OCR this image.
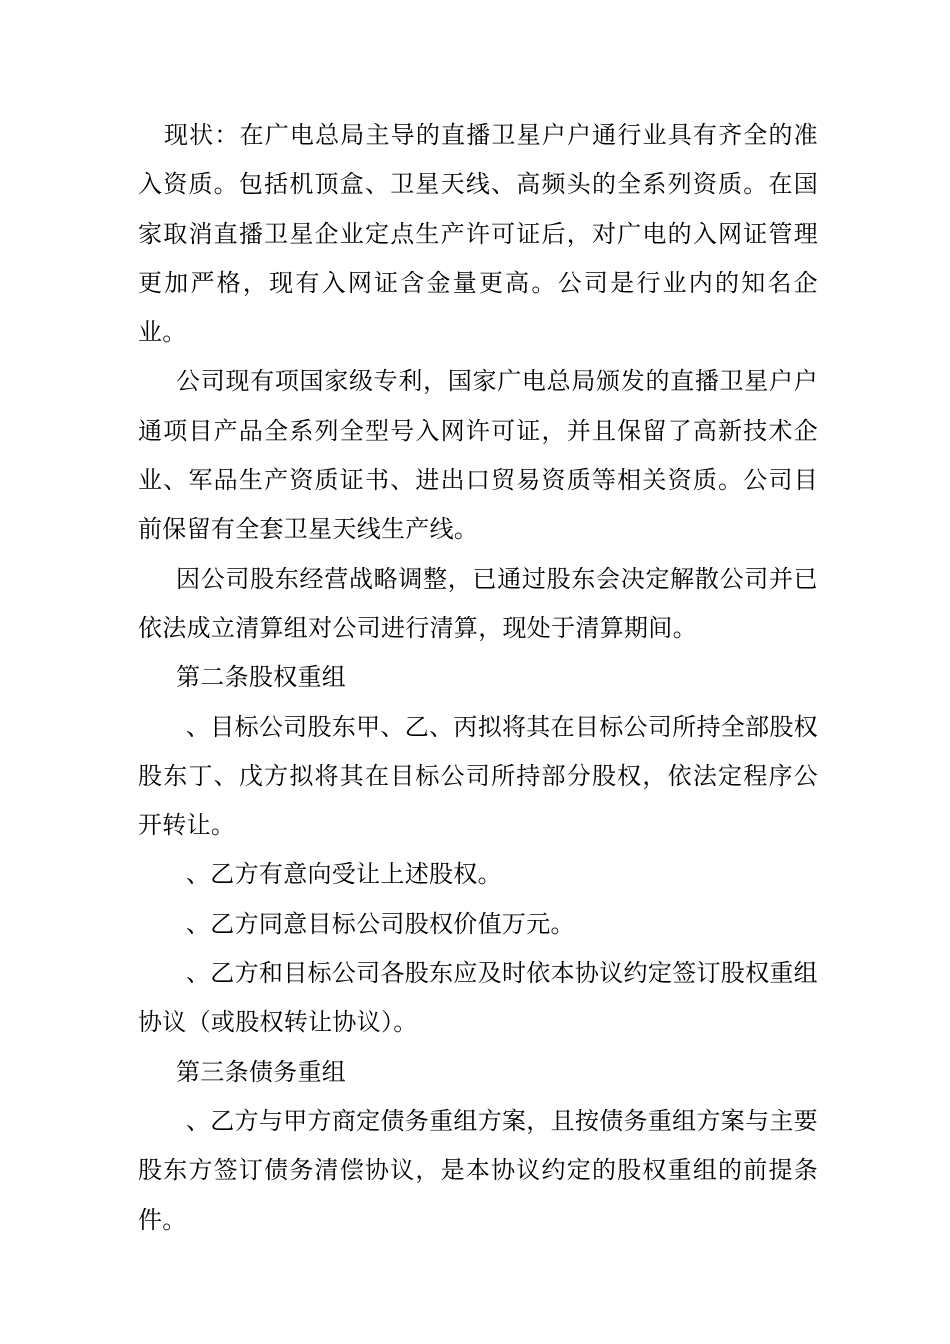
现状：在广电总局主导的直播卫星户户通行业具有齐全的准入资质。包括机顶盒、卫星天线、高频头的全系列资质。在国家取消直播卫星企业定点生产许可证后，对广电的入网证管理更加严格，现有入网证含金量更高。公司是行业内的知名企业。

公司现有项国家级专利，国家广电总局颁发的直播卫星户户通项目产品全系列全型号入网许可证，并且保留了高新技术企业、军品生产资质证书、进出口贸易资质等相关资质。公司目前保留有全套卫星天线生产线。

因公司股东经营战略调整，已通过股东会决定解散公司并已依法成立清算组对公司进行清算，现处于清算期间。

第二条股权重组

、目标公司股东甲、乙、丙拟将其在目标公司所持全部股权股东丁、戊方拟将其在目标公司所持部分股权，依法定程序公开转让。

、乙方有意向受让上述股权。

、乙方同意目标公司股权价值万元。

、乙方和目标公司各股东应及时依本协议约定签订股权重组协议（或股权转让协议）。

第三条债务重组

、乙方与甲方商定债务重组方案，且按债务重组方案与主要股东方签订债务清偿协议，是本协议约定的股权重组的前提条件。
